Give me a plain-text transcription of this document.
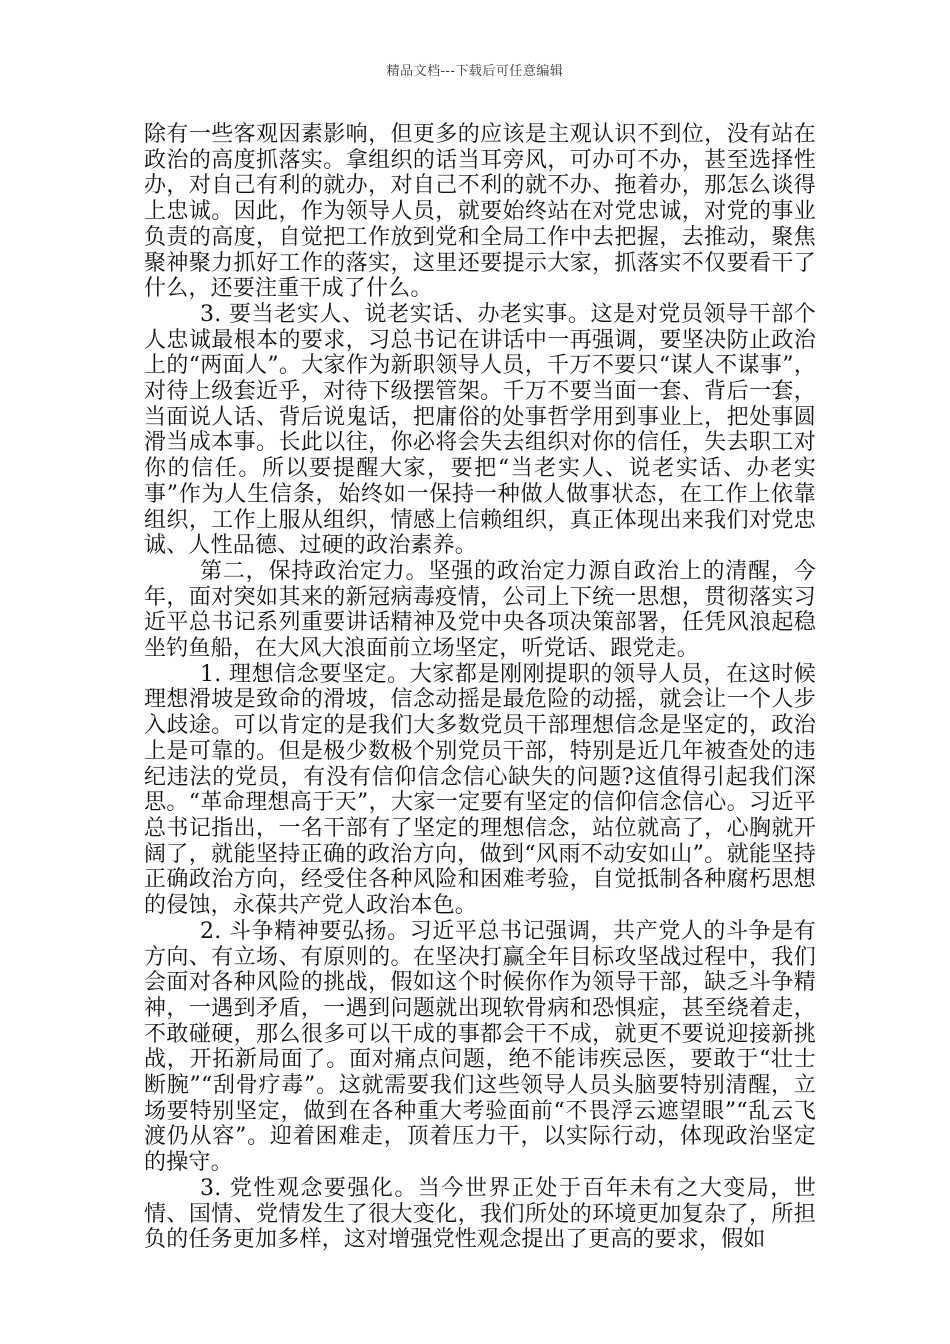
精品文档---下载后可任意编辑

除有一些客观因素影响，但更多的应该是主观认识不到位，没有站在政治的高度抓落实。拿组织的话当耳旁风，可办可不办，甚至选择性办，对自己有利的就办，对自己不利的就不办、拖着办，那怎么谈得上忠诚。因此，作为领导人员，就要始终站在对党忠诚，对党的事业负责的高度，自觉把工作放到党和全局工作中去把握，去推动，聚焦聚神聚力抓好工作的落实，这里还要提示大家，抓落实不仅要看干了什么，还要注重干成了什么。

3. 要当老实人、说老实话、办老实事。这是对党员领导干部个人忠诚最根本的要求，习总书记在讲话中一再强调，要坚决防止政治上的“两面人”。大家作为新职领导人员，千万不要只“谋人不谋事”，对待上级套近乎，对待下级摆管架。千万不要当面一套、背后一套，当面说人话、背后说鬼话，把庸俗的处事哲学用到事业上，把处事圆滑当成本事。长此以往，你必将会失去组织对你的信任，失去职工对你的信任。所以要提醒大家，要把“当老实人、说老实话、办老实事”作为人生信条，始终如一保持一种做人做事状态，在工作上依靠组织，工作上服从组织，情感上信赖组织，真正体现出来我们对党忠诚、人性品德、过硬的政治素养。

第二，保持政治定力。坚强的政治定力源自政治上的清醒，今年，面对突如其来的新冠病毒疫情，公司上下统一思想，贯彻落实习近平总书记系列重要讲话精神及党中央各项决策部署，任凭风浪起稳坐钓鱼船，在大风大浪面前立场坚定，听党话、跟党走。

1. 理想信念要坚定。大家都是刚刚提职的领导人员，在这时候理想滑坡是致命的滑坡，信念动摇是最危险的动摇，就会让一个人步入歧途。可以肯定的是我们大多数党员干部理想信念是坚定的，政治上是可靠的。但是极少数极个别党员干部，特别是近几年被查处的违纪违法的党员，有没有信仰信念信心缺失的问题?这值得引起我们深思。“革命理想高于天”，大家一定要有坚定的信仰信念信心。习近平总书记指出，一名干部有了坚定的理想信念，站位就高了，心胸就开阔了，就能坚持正确的政治方向，做到“风雨不动安如山”。就能坚持正确政治方向，经受住各种风险和困难考验，自觉抵制各种腐朽思想的侵蚀，永葆共产党人政治本色。

2. 斗争精神要弘扬。习近平总书记强调，共产党人的斗争是有方向、有立场、有原则的。在坚决打赢全年目标攻坚战过程中，我们会面对各种风险的挑战，假如这个时候你作为领导干部，缺乏斗争精神，一遇到矛盾，一遇到问题就出现软骨病和恐惧症，甚至绕着走，不敢碰硬，那么很多可以干成的事都会干不成，就更不要说迎接新挑战，开拓新局面了。面对痛点问题，绝不能讳疾忌医，要敢于“壮士断腕”“刮骨疗毒”。这就需要我们这些领导人员头脑要特别清醒，立场要特别坚定，做到在各种重大考验面前“不畏浮云遮望眼”“乱云飞渡仍从容”。迎着困难走，顶着压力干，以实际行动，体现政治坚定的操守。

3. 党性观念要强化。当今世界正处于百年未有之大变局，世情、国情、党情发生了很大变化，我们所处的环境更加复杂了，所担负的任务更加多样，这对增强党性观念提出了更高的要求，假如
